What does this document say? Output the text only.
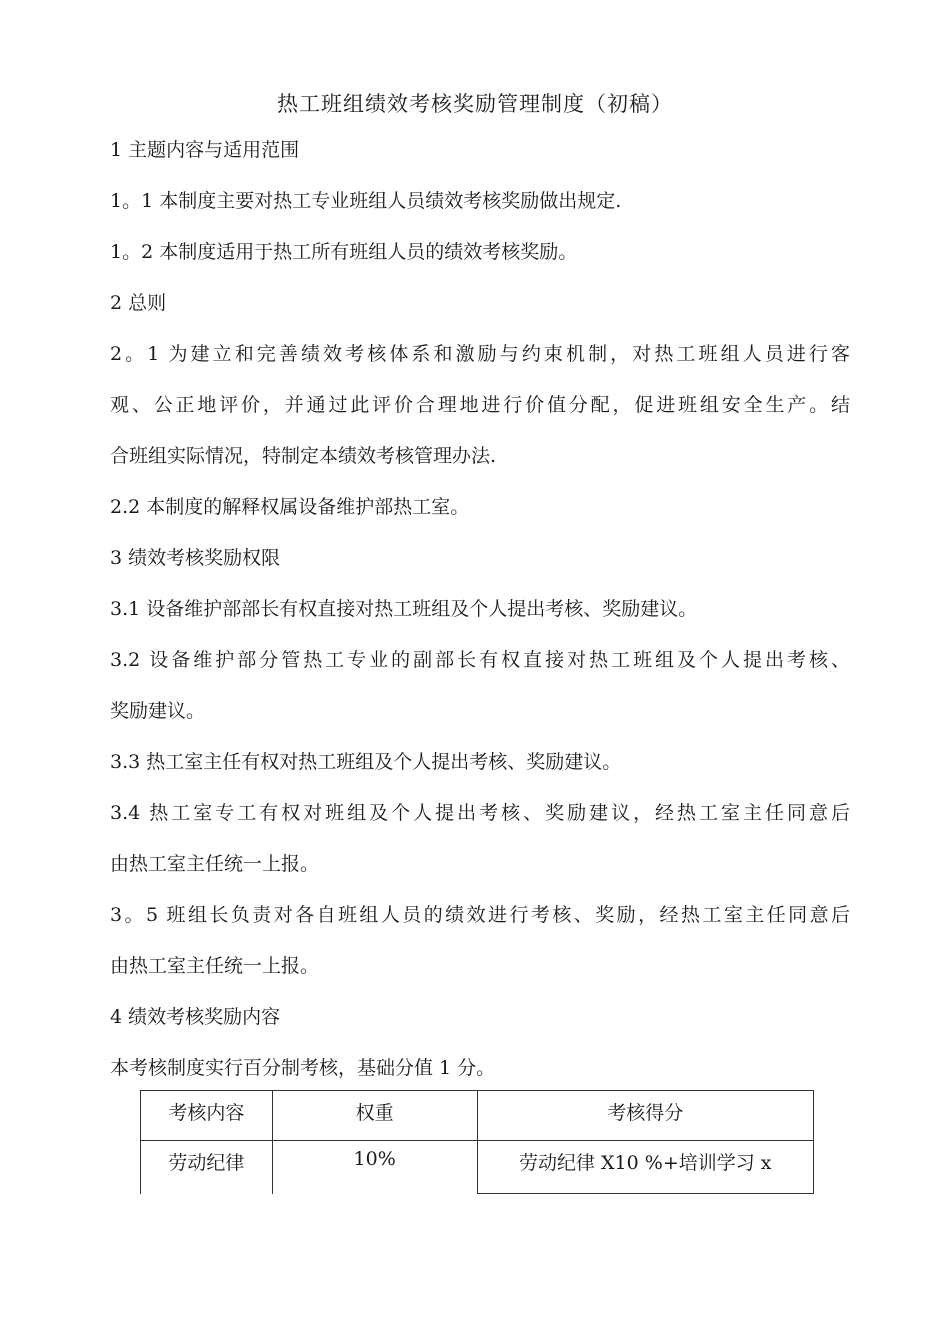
热工班组绩效考核奖励管理制度（初稿）
1 主题内容与适用范围
1。1 本制度主要对热工专业班组人员绩效考核奖励做出规定.
1。2 本制度适用于热工所有班组人员的绩效考核奖励。
2 总则
2。1 为建立和完善绩效考核体系和激励与约束机制，对热工班组人员进行客
观、公正地评价，并通过此评价合理地进行价值分配，促进班组安全生产。结
合班组实际情况，特制定本绩效考核管理办法.
2.2 本制度的解释权属设备维护部热工室。
3 绩效考核奖励权限
3.1 设备维护部部长有权直接对热工班组及个人提出考核、奖励建议。
3.2 设备维护部分管热工专业的副部长有权直接对热工班组及个人提出考核、
奖励建议。
3.3 热工室主任有权对热工班组及个人提出考核、奖励建议。
3.4 热工室专工有权对班组及个人提出考核、奖励建议，经热工室主任同意后
由热工室主任统一上报。
3。5 班组长负责对各自班组人员的绩效进行考核、奖励，经热工室主任同意后
由热工室主任统一上报。
4 绩效考核奖励内容
本考核制度实行百分制考核，基础分值 1 分。
考核内容	权重	考核得分
劳动纪律	10%	劳动纪律 X10 %+培训学习 x
